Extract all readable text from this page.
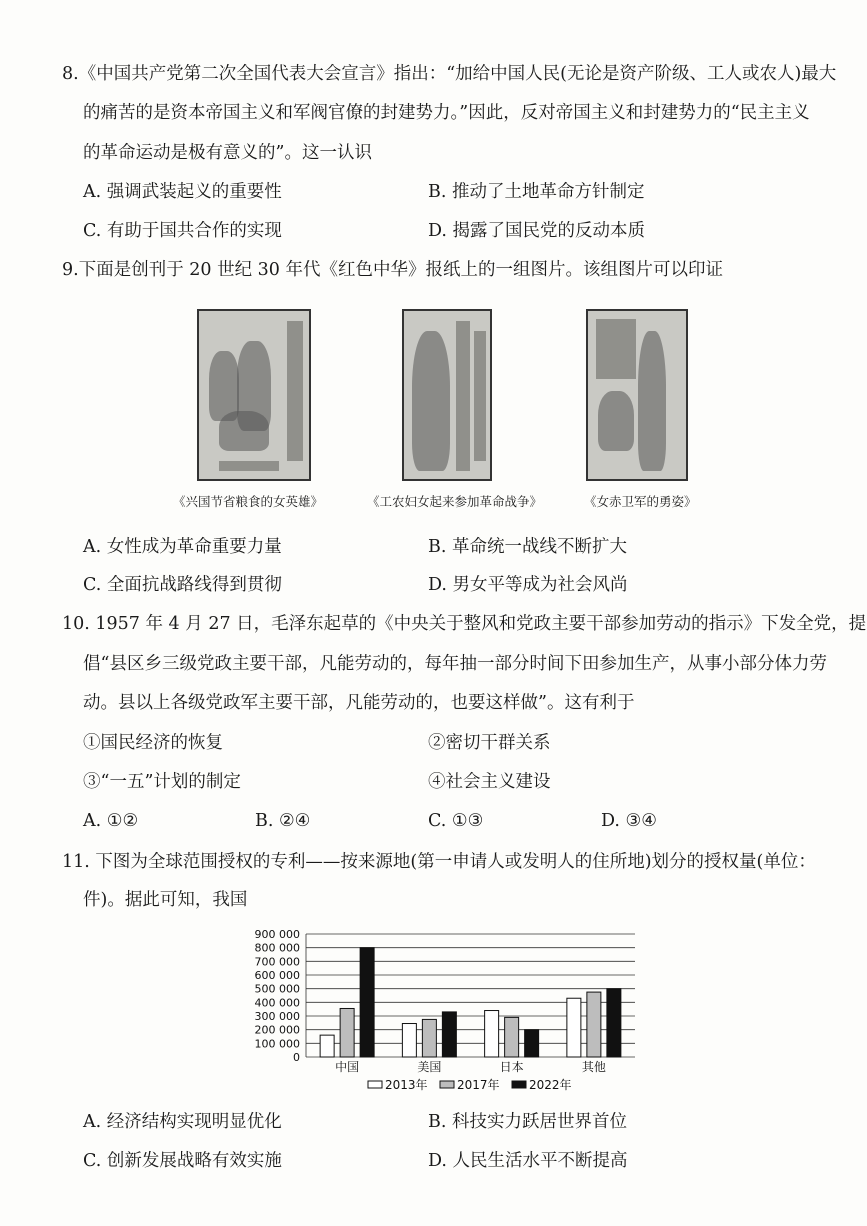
8.《中国共产党第二次全国代表大会宣言》指出：“加给中国人民(无论是资产阶级、工人或农人)最大
的痛苦的是资本帝国主义和军阀官僚的封建势力。”因此，反对帝国主义和封建势力的“民主主义
的革命运动是极有意义的”。这一认识
A. 强调武装起义的重要性	B. 推动了土地革命方针制定
C. 有助于国共合作的实现	D. 揭露了国民党的反动本质
9.下面是创刊于 20 世纪 30 年代《红色中华》报纸上的一组图片。该组图片可以印证
《兴国节省粮食的女英雄》	《工农妇女起来参加革命战争》	《女赤卫军的勇姿》
A. 女性成为革命重要力量	B. 革命统一战线不断扩大
C. 全面抗战路线得到贯彻	D. 男女平等成为社会风尚
10. 1957 年 4 月 27 日，毛泽东起草的《中央关于整风和党政主要干部参加劳动的指示》下发全党，提
倡“县区乡三级党政主要干部，凡能劳动的，每年抽一部分时间下田参加生产，从事小部分体力劳
动。县以上各级党政军主要干部，凡能劳动的，也要这样做”。这有利于
①国民经济的恢复	②密切干群关系
③“一五”计划的制定	④社会主义建设
A. ①②	B. ②④	C. ①③	D. ③④
11. 下图为全球范围授权的专利——按来源地(第一申请人或发明人的住所地)划分的授权量(单位：
件)。据此可知，我国
900 000
800 000
700 000
600 000
500 000
400 000
300 000
200 000
100 000
0
中国	美国	日本	其他
2013年 2017年 2022年
A. 经济结构实现明显优化	B. 科技实力跃居世界首位
C. 创新发展战略有效实施	D. 人民生活水平不断提高
